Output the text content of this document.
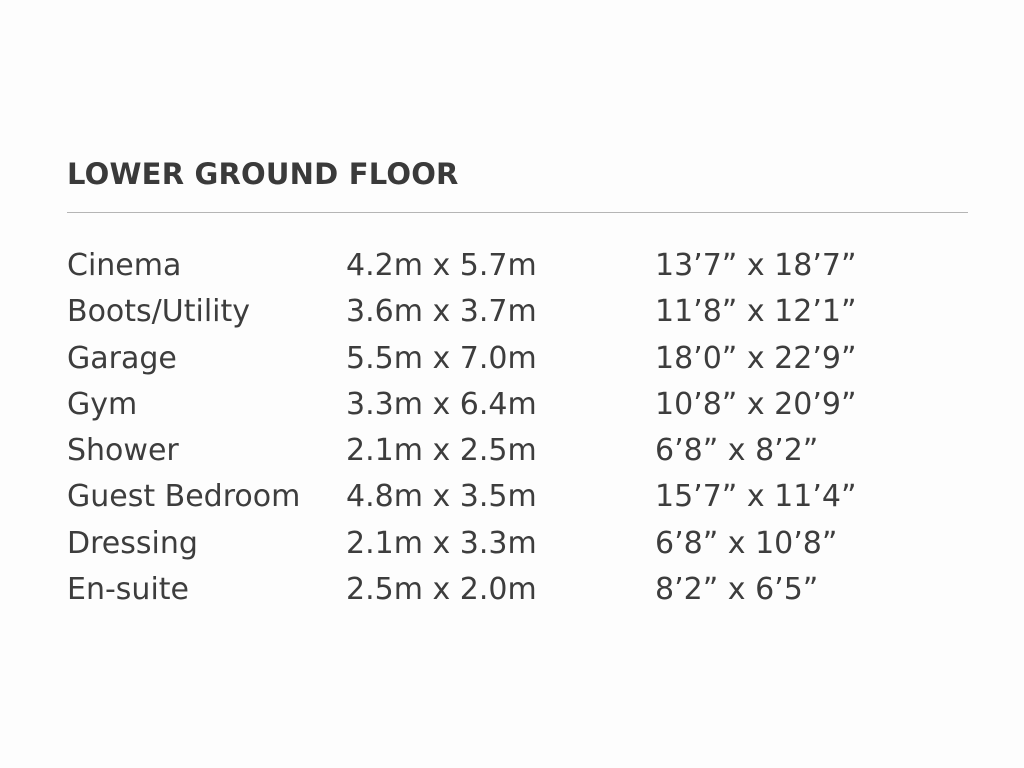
LOWER GROUND FLOOR
Cinema	4.2m x 5.7m	13’7” x 18’7”
Boots/Utility	3.6m x 3.7m	11’8” x 12’1”
Garage	5.5m x 7.0m	18’0” x 22’9”
Gym	3.3m x 6.4m	10’8” x 20’9”
Shower	2.1m x 2.5m	6’8” x 8’2”
Guest Bedroom 4.8m x 3.5m	15’7” x 11’4”
Dressing	2.1m x 3.3m	6’8” x 10’8”
En-suite	2.5m x 2.0m	8’2” x 6’5”
